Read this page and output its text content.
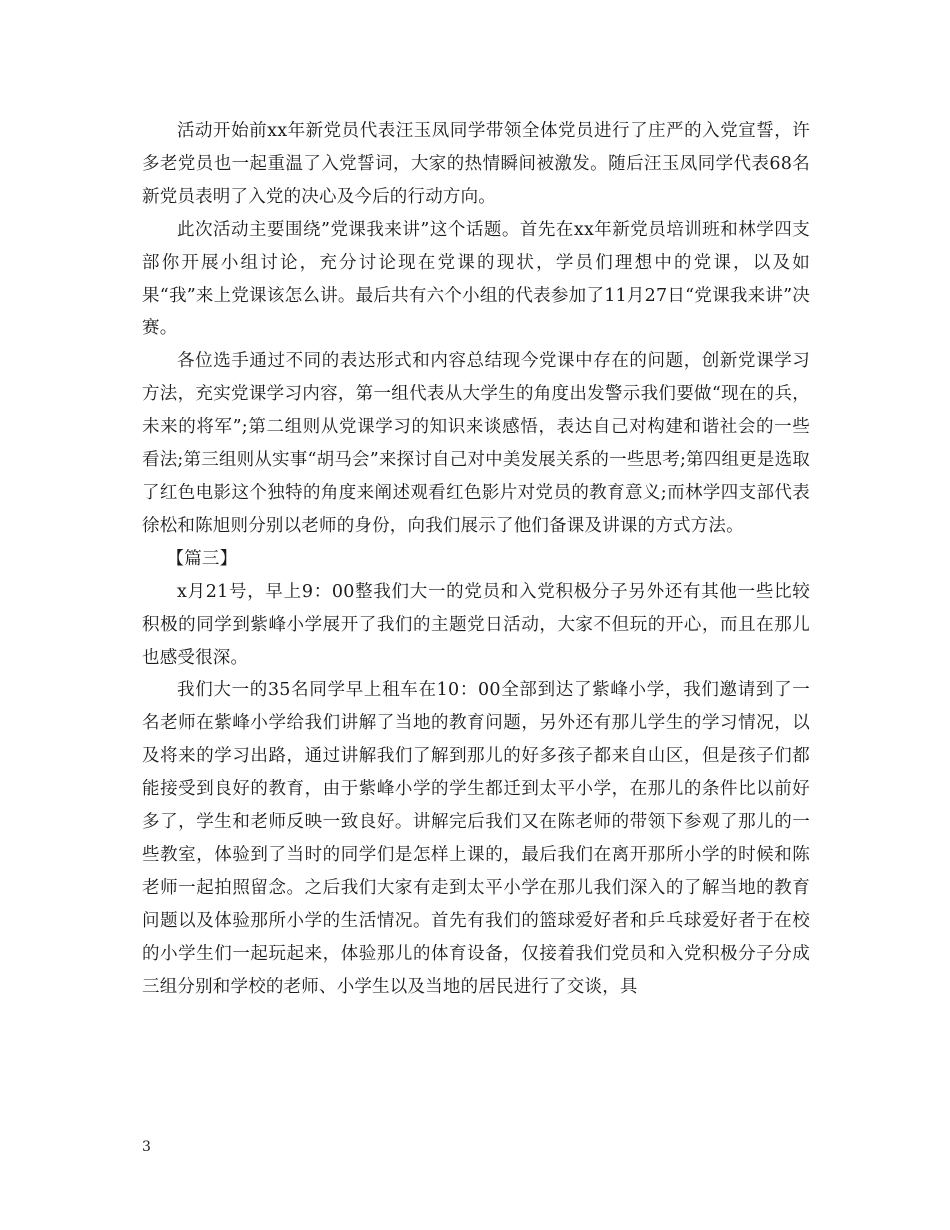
活动开始前xx年新党员代表汪玉凤同学带领全体党员进行了庄严的入党宣誓，许多老党员也一起重温了入党誓词，大家的热情瞬间被激发。随后汪玉凤同学代表68名新党员表明了入党的决心及今后的行动方向。

此次活动主要围绕”党课我来讲”这个话题。首先在xx年新党员培训班和林学四支部你开展小组讨论，充分讨论现在党课的现状，学员们理想中的党课，以及如果“我”来上党课该怎么讲。最后共有六个小组的代表参加了11月27日“党课我来讲”决赛。

各位选手通过不同的表达形式和内容总结现今党课中存在的问题，创新党课学习方法，充实党课学习内容，第一组代表从大学生的角度出发警示我们要做“现在的兵，未来的将军”;第二组则从党课学习的知识来谈感悟，表达自己对构建和谐社会的一些看法;第三组则从实事“胡马会”来探讨自己对中美发展关系的一些思考;第四组更是选取了红色电影这个独特的角度来阐述观看红色影片对党员的教育意义;而林学四支部代表徐松和陈旭则分别以老师的身份，向我们展示了他们备课及讲课的方式方法。

【篇三】

x月21号，早上9：00整我们大一的党员和入党积极分子另外还有其他一些比较积极的同学到紫峰小学展开了我们的主题党日活动，大家不但玩的开心，而且在那儿也感受很深。

我们大一的35名同学早上租车在10：00全部到达了紫峰小学，我们邀请到了一名老师在紫峰小学给我们讲解了当地的教育问题，另外还有那儿学生的学习情况，以及将来的学习出路，通过讲解我们了解到那儿的好多孩子都来自山区，但是孩子们都能接受到良好的教育，由于紫峰小学的学生都迁到太平小学，在那儿的条件比以前好多了，学生和老师反映一致良好。讲解完后我们又在陈老师的带领下参观了那儿的一些教室，体验到了当时的同学们是怎样上课的，最后我们在离开那所小学的时候和陈老师一起拍照留念。之后我们大家有走到太平小学在那儿我们深入的了解当地的教育问题以及体验那所小学的生活情况。首先有我们的篮球爱好者和乒乓球爱好者于在校的小学生们一起玩起来，体验那儿的体育设备，仅接着我们党员和入党积极分子分成三组分别和学校的老师、小学生以及当地的居民进行了交谈，具

3
